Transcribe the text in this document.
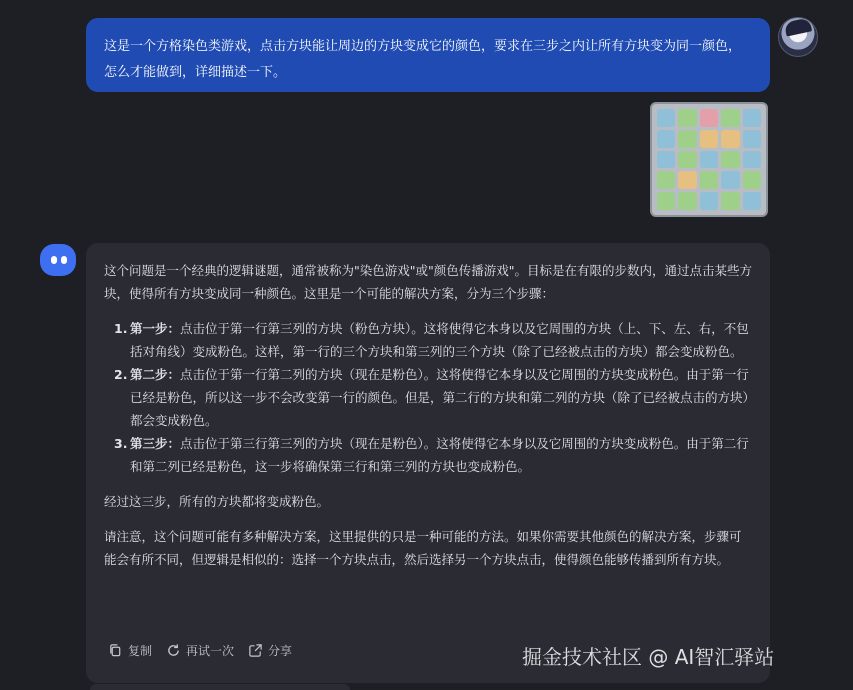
这是一个方格染色类游戏，点击方块能让周边的方块变成它的颜色，要求在三步之内让所有方块变为同一颜色，怎么才能做到，详细描述一下。

这个问题是一个经典的逻辑谜题，通常被称为"染色游戏"或"颜色传播游戏"。目标是在有限的步数内，通过点击某些方块，使得所有方块变成同一种颜色。这里是一个可能的解决方案，分为三个步骤：

1. 第一步：点击位于第一行第三列的方块（粉色方块）。这将使得它本身以及它周围的方块（上、下、左、右，不包括对角线）变成粉色。这样，第一行的三个方块和第三列的三个方块（除了已经被点击的方块）都会变成粉色。
2. 第二步：点击位于第一行第二列的方块（现在是粉色）。这将使得它本身以及它周围的方块变成粉色。由于第一行已经是粉色，所以这一步不会改变第一行的颜色。但是，第二行的方块和第二列的方块（除了已经被点击的方块）都会变成粉色。
3. 第三步：点击位于第三行第三列的方块（现在是粉色）。这将使得它本身以及它周围的方块变成粉色。由于第二行和第二列已经是粉色，这一步将确保第三行和第三列的方块也变成粉色。

经过这三步，所有的方块都将变成粉色。

请注意，这个问题可能有多种解决方案，这里提供的只是一种可能的方法。如果你需要其他颜色的解决方案，步骤可能会有所不同，但逻辑是相似的：选择一个方块点击，然后选择另一个方块点击，使得颜色能够传播到所有方块。

复制	再试一次	分享	掘金技术社区 @ AI智汇驿站
